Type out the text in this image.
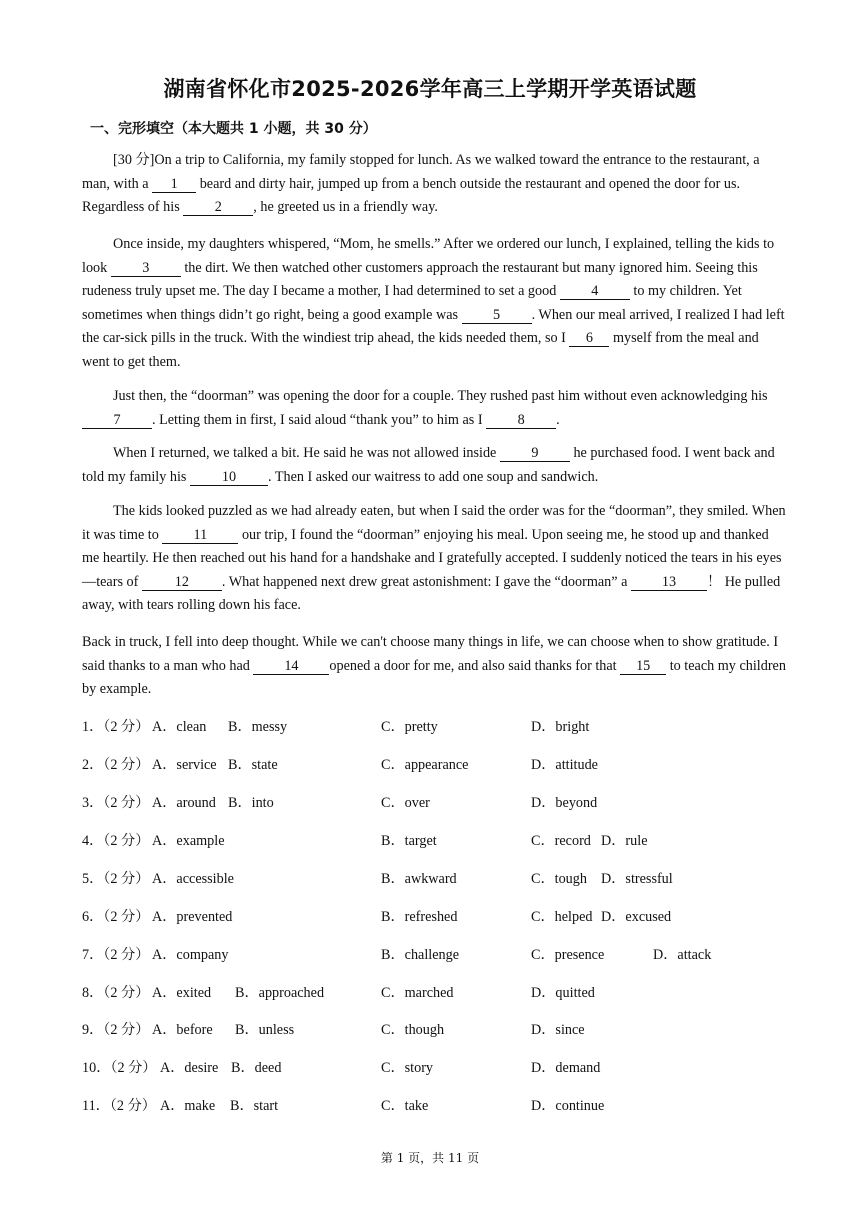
湖南省怀化市2025-2026学年高三上学期开学英语试题
一、完形填空（本大题共 1 小题，共 30 分）
[30 分]On a trip to California, my family stopped for lunch. As we walked toward the entrance to the restaurant, a man, with a 1 beard and dirty hair, jumped up from a bench outside the restaurant and opened the door for us. Regardless of his 2 , he greeted us in a friendly way.
Once inside, my daughters whispered, “Mom, he smells.” After we ordered our lunch, I explained, telling the kids to look 3 the dirt. We then watched other customers approach the restaurant but many ignored him. Seeing this rudeness truly upset me. The day I became a mother, I had determined to set a good 4 to my children. Yet sometimes when things didn’t go right, being a good example was 5 . When our meal arrived, I realized I had left the car-sick pills in the truck. With the windiest trip ahead, the kids needed them, so I 6 myself from the meal and went to get them.
Just then, the “doorman” was opening the door for a couple. They rushed past him without even acknowledging his 7 . Letting them in first, I said aloud “thank you” to him as I 8 .
When I returned, we talked a bit. He said he was not allowed inside 9 he purchased food. I went back and told my family his 10 . Then I asked our waitress to add one soup and sandwich.
The kids looked puzzled as we had already eaten, but when I said the order was for the “doorman”, they smiled. When it was time to 11 our trip, I found the “doorman” enjoying his meal. Upon seeing me, he stood up and thanked me heartily. He then reached out his hand for a handshake and I gratefully accepted. I suddenly noticed the tears in his eyes—tears of 12 . What happened next drew great astonishment: I gave the “doorman” a 13 ！ He pulled away, with tears rolling down his face.
Back in truck, I fell into deep thought. While we can't choose many things in life, we can choose when to show gratitude. I said thanks to a man who had 14 opened a door for me, and also said thanks for that 15 to teach my children by example.
1．（2 分） A．clean B．messy	C．pretty	D．bright
2．（2 分） A．service B．state	C．appearance	D．attitude
3．（2 分） A．around B．into	C．over	D．beyond
4．（2 分） A．example	B．target	C．record D．rule
5．（2 分） A．accessible	B．awkward	C．tough D．stressful
6．（2 分） A．prevented	B．refreshed	C．helped D．excused
7．（2 分） A．company	B．challenge	C．presence	D．attack
8．（2 分） A．exited B．approached	C．marched	D．quitted
9．（2 分） A．before B．unless	C．though	D．since
10．（2 分） A．desire B．deed	C．story	D．demand
11．（2 分） A．make B．start	C．take	D．continue
第 1 页，共 11 页
